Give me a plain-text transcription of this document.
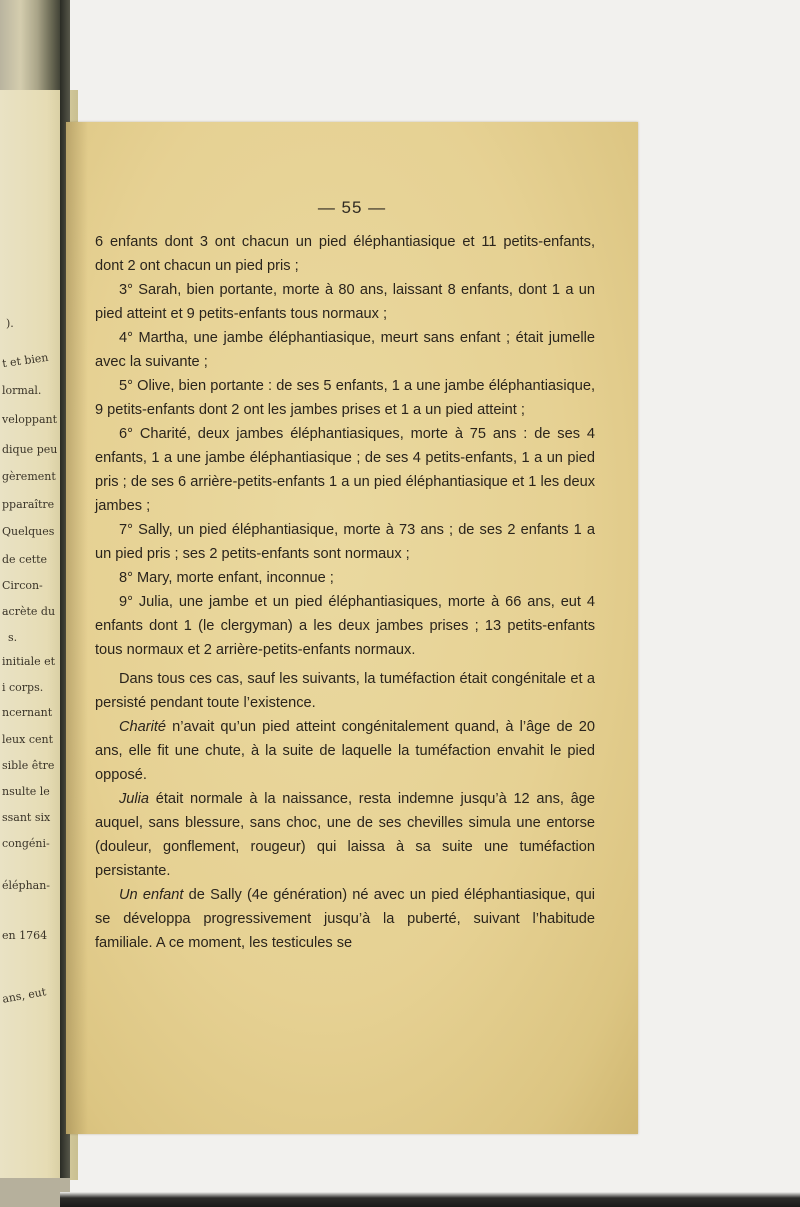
).
t et bien
lormal.
veloppant
dique peu
gèrement
pparaître
Quelques
de cette
Circon-
acrète du
s.
initiale et
i corps.
ncernant
leux cent
sible être
nsulte le
ssant six
congéni-
éléphan-
en 1764
ans, eut
— 55 —

6 enfants dont 3 ont chacun un pied éléphantiasique et 11 petits-enfants, dont 2 ont chacun un pied pris ;

3° Sarah, bien portante, morte à 80 ans, laissant 8 enfants, dont 1 a un pied atteint et 9 petits-enfants tous normaux ;

4° Martha, une jambe éléphantiasique, meurt sans enfant ; était jumelle avec la suivante ;

5° Olive, bien portante : de ses 5 enfants, 1 a une jambe éléphantiasique, 9 petits-enfants dont 2 ont les jambes prises et 1 a un pied atteint ;

6° Charité, deux jambes éléphantiasiques, morte à 75 ans : de ses 4 enfants, 1 a une jambe éléphantiasique ; de ses 4 petits-enfants, 1 a un pied pris ; de ses 6 arrière-petits-enfants 1 a un pied éléphantiasique et 1 les deux jambes ;

7° Sally, un pied éléphantiasique, morte à 73 ans ; de ses 2 enfants 1 a un pied pris ; ses 2 petits-enfants sont normaux ;

8° Mary, morte enfant, inconnue ;

9° Julia, une jambe et un pied éléphantiasiques, morte à 66 ans, eut 4 enfants dont 1 (le clergyman) a les deux jambes prises ; 13 petits-enfants tous normaux et 2 arrière-petits-enfants normaux.

Dans tous ces cas, sauf les suivants, la tuméfaction était congénitale et a persisté pendant toute l’existence.

Charité n’avait qu’un pied atteint congénitalement quand, à l’âge de 20 ans, elle fit une chute, à la suite de laquelle la tuméfaction envahit le pied opposé.

Julia était normale à la naissance, resta indemne jusqu’à 12 ans, âge auquel, sans blessure, sans choc, une de ses chevilles simula une entorse (douleur, gonflement, rougeur) qui laissa à sa suite une tuméfaction persistante.

Un enfant de Sally (4e génération) né avec un pied éléphantiasique, qui se développa progressivement jusqu’à la puberté, suivant l’habitude familiale. A ce moment, les testicules se
